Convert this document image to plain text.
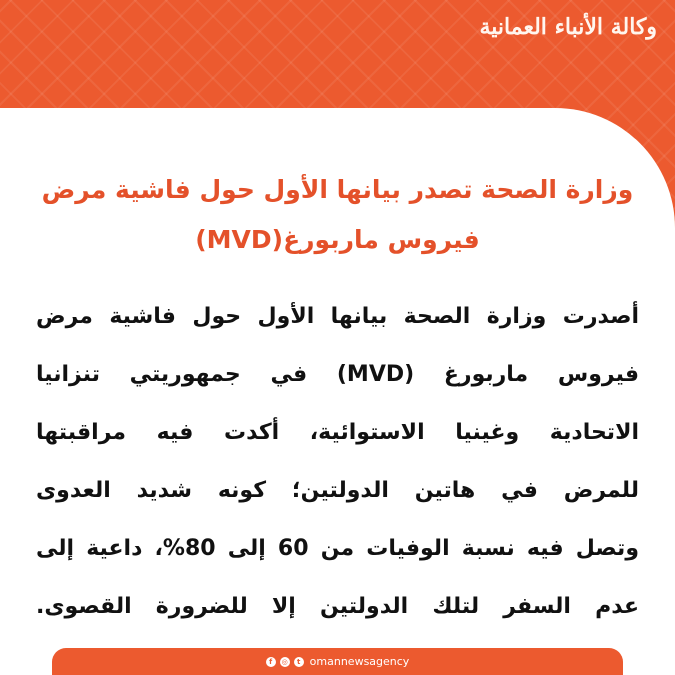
وكالة الأنباء العمانية
وزارة الصحة تصدر بيانها الأول حول فاشية مرض
فيروس ماربورغ(MVD)
أصدرت وزارة الصحة بيانها الأول حول فاشية مرض
فيروس ماربورغ (MVD) في جمهوريتي تنزانيا
الاتحادية وغينيا الاستوائية، أكدت فيه مراقبتها
للمرض في هاتين الدولتين؛ كونه شديد العدوى
وتصل فيه نسبة الوفيات من 60 إلى 80%، داعية إلى
عدم السفر لتلك الدولتين إلا للضرورة القصوى.
f	◎	t omannewsagency
